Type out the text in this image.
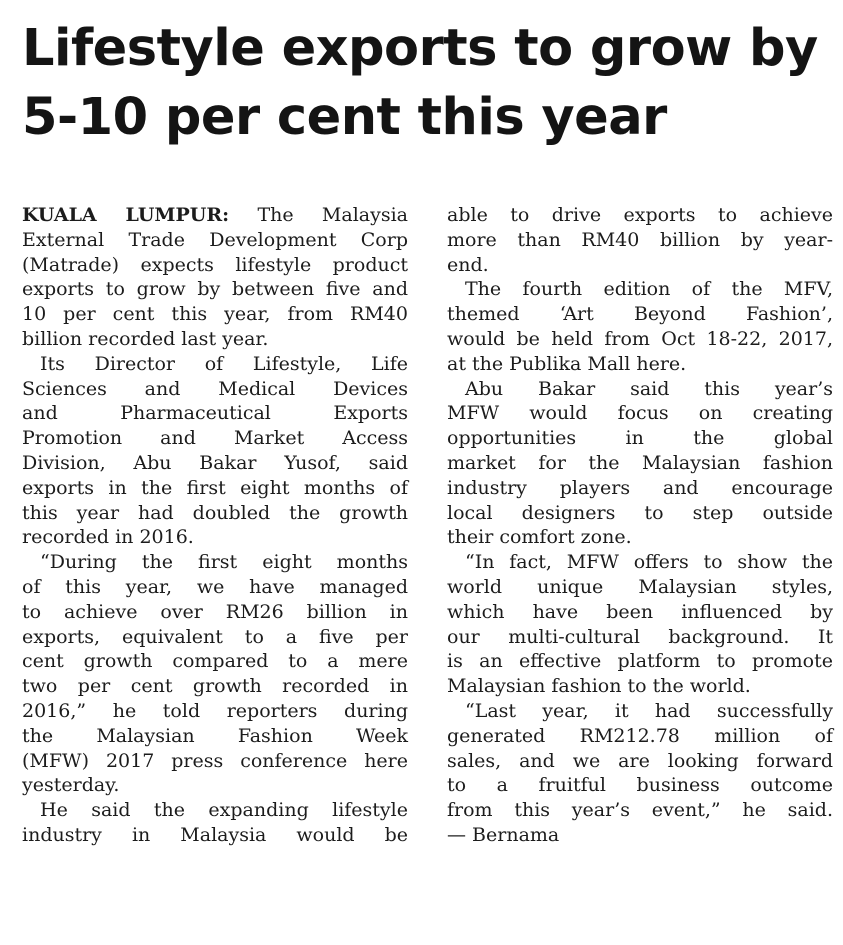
Lifestyle exports to grow by
5-10 per cent this year
KUALA LUMPUR: The Malaysia
External Trade Development Corp
(Matrade) expects lifestyle product
exports to grow by between five and
10 per cent this year, from RM40
billion recorded last year.
Its Director of Lifestyle, Life
Sciences and Medical Devices
and Pharmaceutical Exports
Promotion and Market Access
Division, Abu Bakar Yusof, said
exports in the first eight months of
this year had doubled the growth
recorded in 2016.
“During the first eight months
of this year, we have managed
to achieve over RM26 billion in
exports, equivalent to a five per
cent growth compared to a mere
two per cent growth recorded in
2016,” he told reporters during
the Malaysian Fashion Week
(MFW) 2017 press conference here
yesterday.
He said the expanding lifestyle
industry in Malaysia would be
able to drive exports to achieve
more than RM40 billion by year-
end.
The fourth edition of the MFV,
themed ‘Art Beyond Fashion’,
would be held from Oct 18-22, 2017,
at the Publika Mall here.
Abu Bakar said this year’s
MFW would focus on creating
opportunities in the global
market for the Malaysian fashion
industry players and encourage
local designers to step outside
their comfort zone.
“In fact, MFW offers to show the
world unique Malaysian styles,
which have been influenced by
our multi-cultural background. It
is an effective platform to promote
Malaysian fashion to the world.
“Last year, it had successfully
generated RM212.78 million of
sales, and we are looking forward
to a fruitful business outcome
from this year’s event,” he said.
— Bernama
